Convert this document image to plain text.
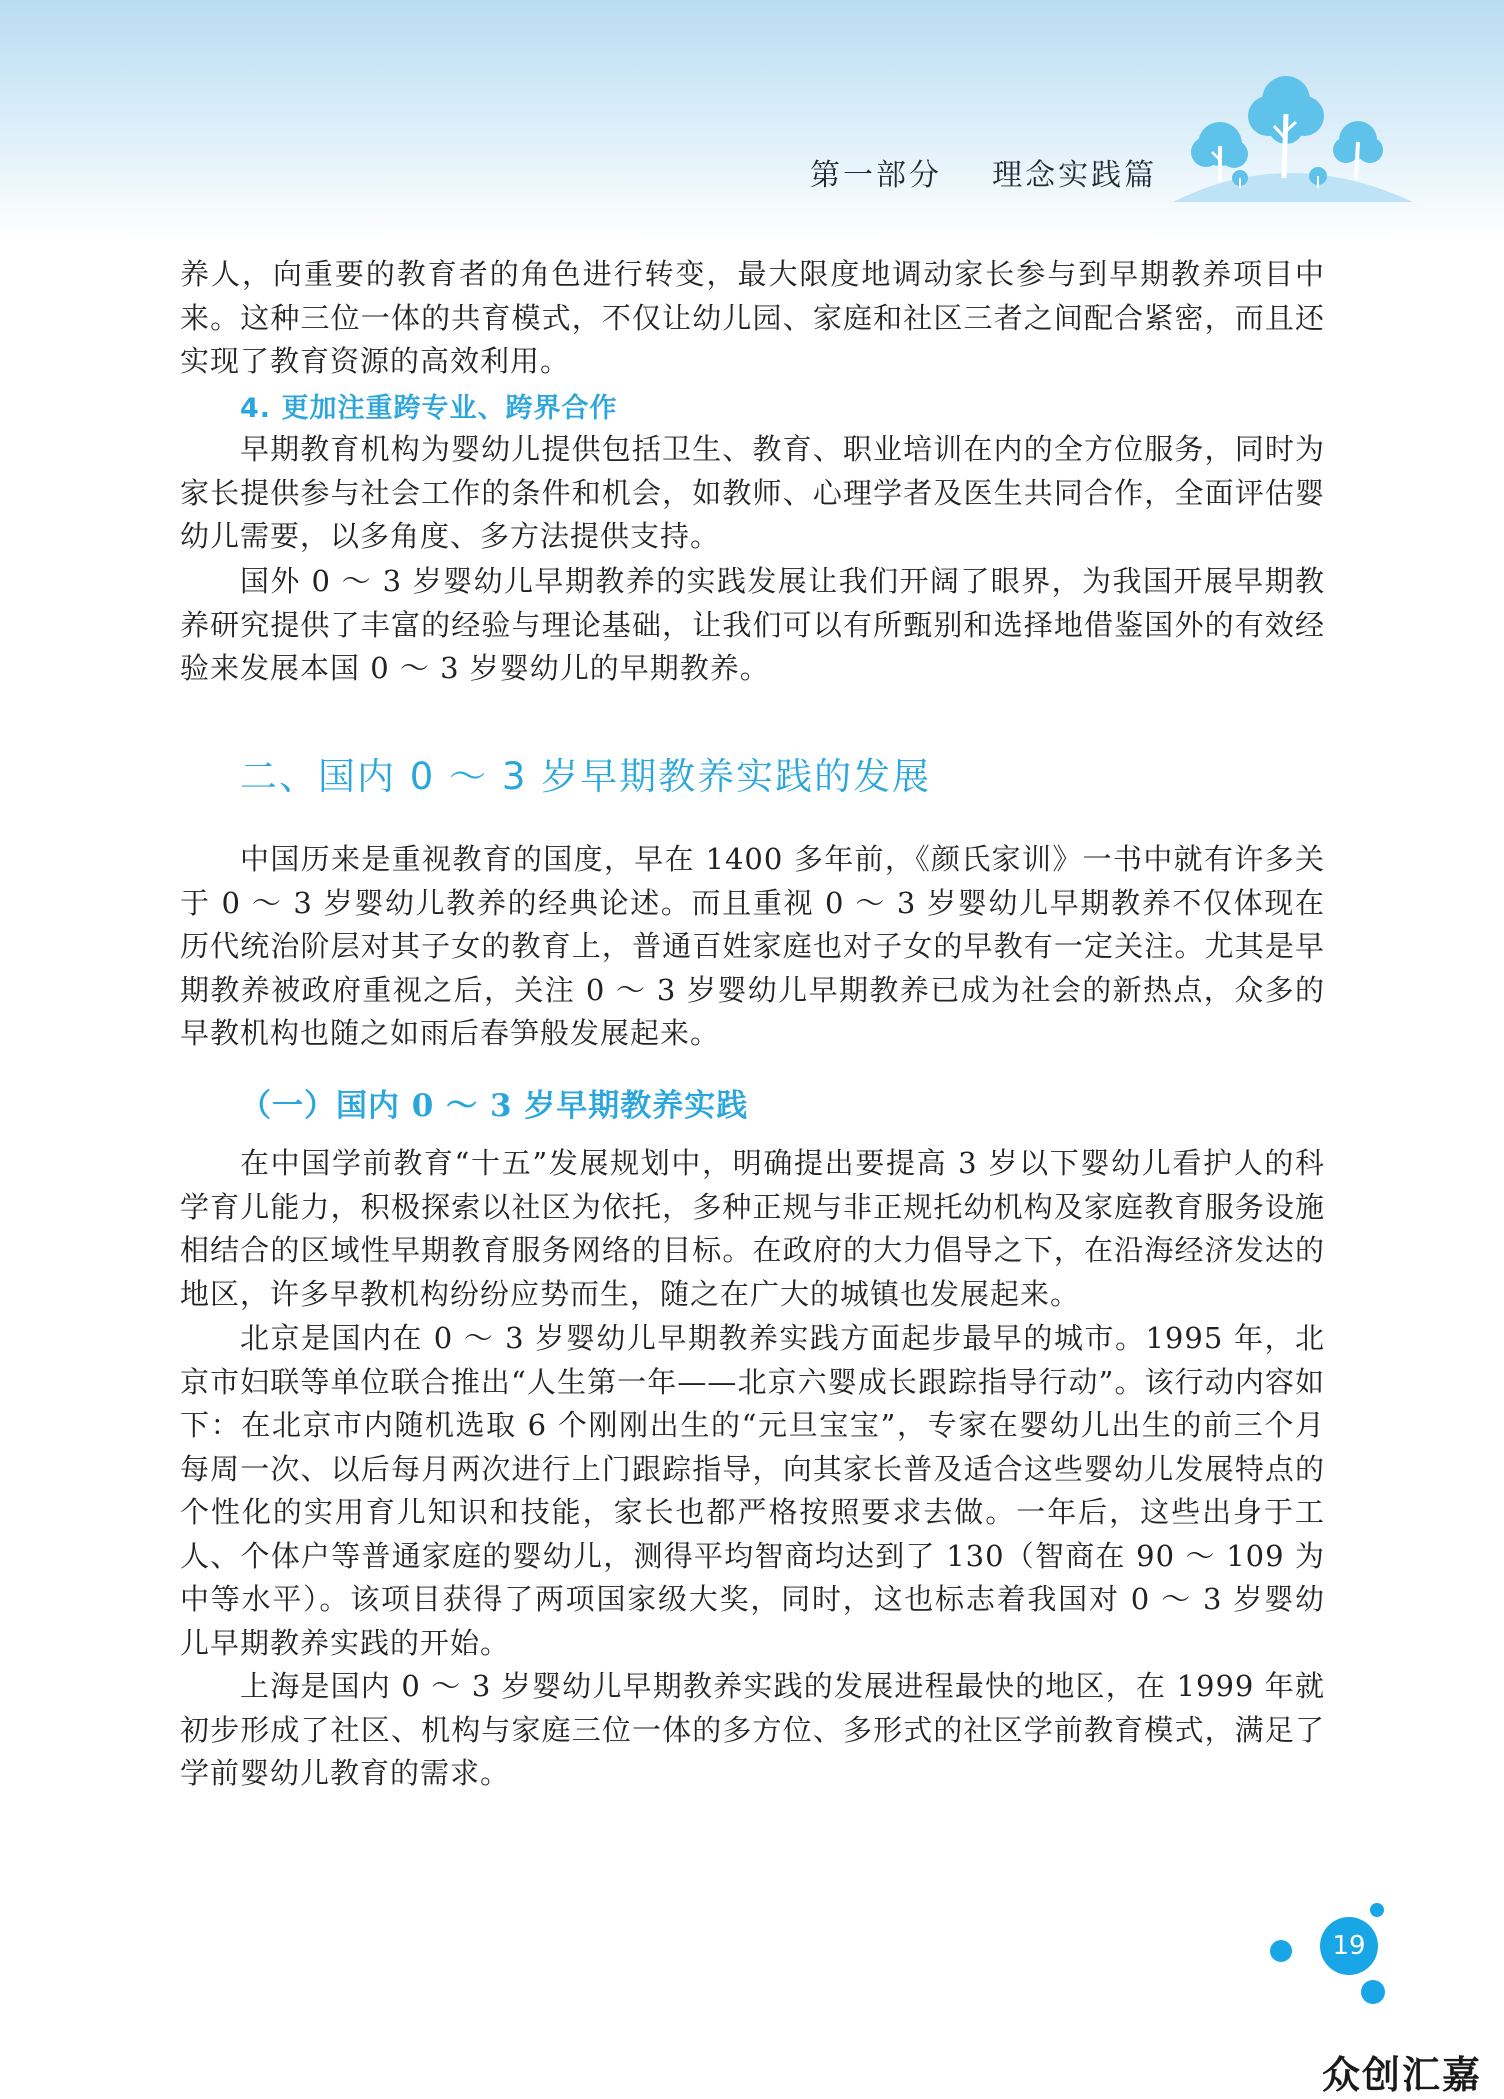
第一部分    理念实践篇

养人，向重要的教育者的角色进行转变，最大限度地调动家长参与到早期教养项目中来。这种三位一体的共育模式，不仅让幼儿园、家庭和社区三者之间配合紧密，而且还实现了教育资源的高效利用。

4. 更加注重跨专业、跨界合作

早期教育机构为婴幼儿提供包括卫生、教育、职业培训在内的全方位服务，同时为家长提供参与社会工作的条件和机会，如教师、心理学者及医生共同合作，全面评估婴幼儿需要，以多角度、多方法提供支持。

国外 0 ～ 3 岁婴幼儿早期教养的实践发展让我们开阔了眼界，为我国开展早期教养研究提供了丰富的经验与理论基础，让我们可以有所甄别和选择地借鉴国外的有效经验来发展本国 0 ～ 3 岁婴幼儿的早期教养。

二、国内 0 ～ 3 岁早期教养实践的发展

中国历来是重视教育的国度，早在 1400 多年前，《颜氏家训》一书中就有许多关于 0 ～ 3 岁婴幼儿教养的经典论述。而且重视 0 ～ 3 岁婴幼儿早期教养不仅体现在历代统治阶层对其子女的教育上，普通百姓家庭也对子女的早教有一定关注。尤其是早期教养被政府重视之后，关注 0 ～ 3 岁婴幼儿早期教养已成为社会的新热点，众多的早教机构也随之如雨后春笋般发展起来。

（一）国内 0 ～ 3 岁早期教养实践

在中国学前教育“十五”发展规划中，明确提出要提高 3 岁以下婴幼儿看护人的科学育儿能力，积极探索以社区为依托，多种正规与非正规托幼机构及家庭教育服务设施相结合的区域性早期教育服务网络的目标。在政府的大力倡导之下，在沿海经济发达的地区，许多早教机构纷纷应势而生，随之在广大的城镇也发展起来。

北京是国内在 0 ～ 3 岁婴幼儿早期教养实践方面起步最早的城市。1995 年，北京市妇联等单位联合推出“人生第一年——北京六婴成长跟踪指导行动”。该行动内容如下：在北京市内随机选取 6 个刚刚出生的“元旦宝宝”，专家在婴幼儿出生的前三个月每周一次、以后每月两次进行上门跟踪指导，向其家长普及适合这些婴幼儿发展特点的个性化的实用育儿知识和技能，家长也都严格按照要求去做。一年后，这些出身于工人、个体户等普通家庭的婴幼儿，测得平均智商均达到了 130（智商在 90 ～ 109 为中等水平）。该项目获得了两项国家级大奖，同时，这也标志着我国对 0 ～ 3 岁婴幼儿早期教养实践的开始。

上海是国内 0 ～ 3 岁婴幼儿早期教养实践的发展进程最快的地区，在 1999 年就初步形成了社区、机构与家庭三位一体的多方位、多形式的社区学前教育模式，满足了学前婴幼儿教育的需求。

19
众创汇嘉
